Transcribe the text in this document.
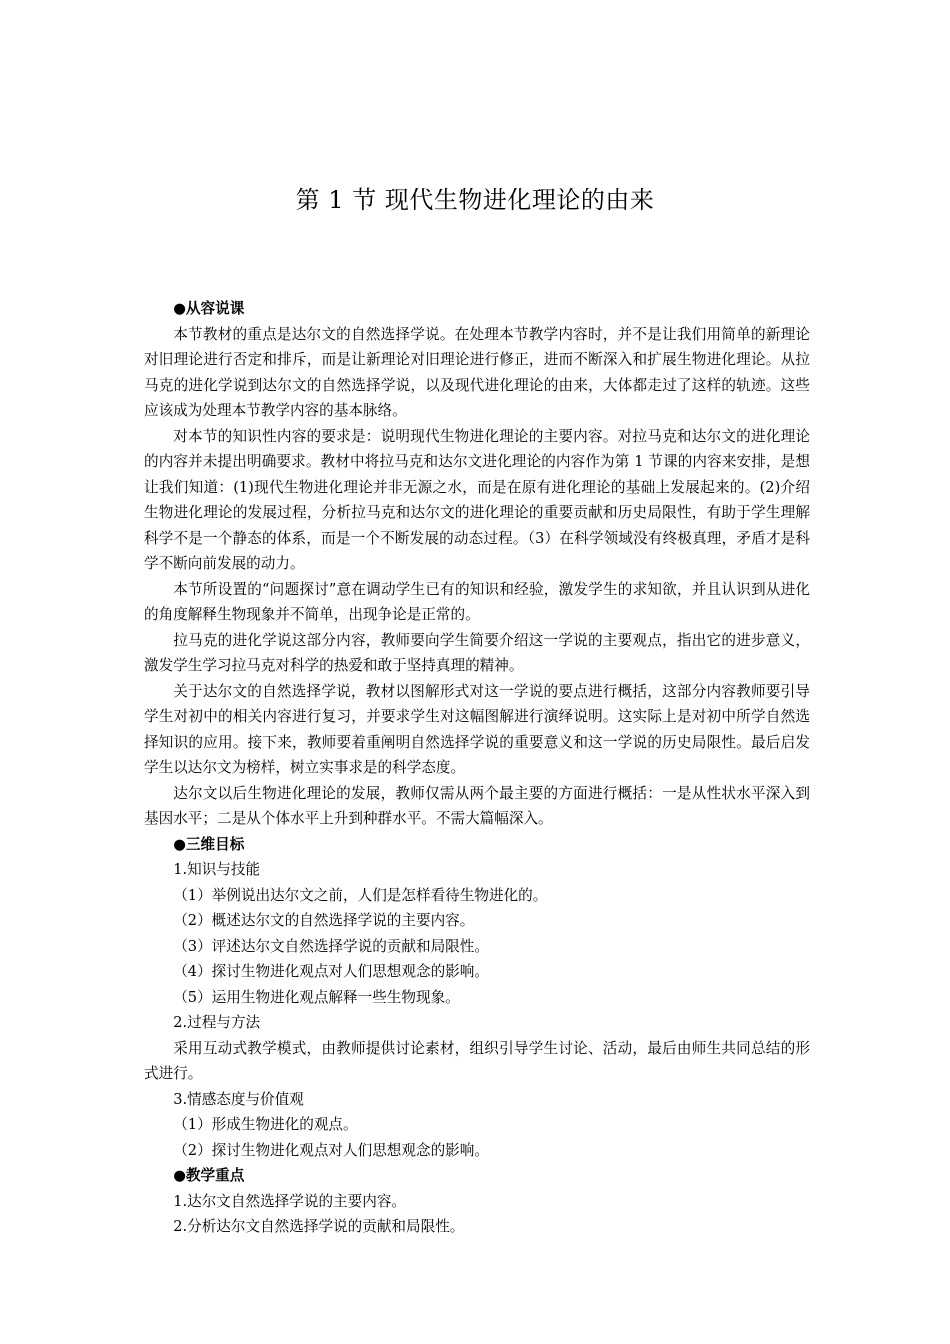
第 1 节 现代生物进化理论的由来

●从容说课

本节教材的重点是达尔文的自然选择学说。在处理本节教学内容时，并不是让我们用简单的新理论对旧理论进行否定和排斥，而是让新理论对旧理论进行修正，进而不断深入和扩展生物进化理论。从拉马克的进化学说到达尔文的自然选择学说，以及现代进化理论的由来，大体都走过了这样的轨迹。这些应该成为处理本节教学内容的基本脉络。

对本节的知识性内容的要求是：说明现代生物进化理论的主要内容。对拉马克和达尔文的进化理论的内容并未提出明确要求。教材中将拉马克和达尔文进化理论的内容作为第 1 节课的内容来安排，是想让我们知道：(1)现代生物进化理论并非无源之水，而是在原有进化理论的基础上发展起来的。(2)介绍生物进化理论的发展过程，分析拉马克和达尔文的进化理论的重要贡献和历史局限性，有助于学生理解科学不是一个静态的体系，而是一个不断发展的动态过程。（3）在科学领域没有终极真理，矛盾才是科学不断向前发展的动力。

本节所设置的“问题探讨”意在调动学生已有的知识和经验，激发学生的求知欲，并且认识到从进化的角度解释生物现象并不简单，出现争论是正常的。

拉马克的进化学说这部分内容，教师要向学生简要介绍这一学说的主要观点，指出它的进步意义，激发学生学习拉马克对科学的热爱和敢于坚持真理的精神。

关于达尔文的自然选择学说，教材以图解形式对这一学说的要点进行概括，这部分内容教师要引导学生对初中的相关内容进行复习，并要求学生对这幅图解进行演绎说明。这实际上是对初中所学自然选择知识的应用。接下来，教师要着重阐明自然选择学说的重要意义和这一学说的历史局限性。最后启发学生以达尔文为榜样，树立实事求是的科学态度。

达尔文以后生物进化理论的发展，教师仅需从两个最主要的方面进行概括：一是从性状水平深入到基因水平；二是从个体水平上升到种群水平。不需大篇幅深入。

●三维目标

1.知识与技能

（1）举例说出达尔文之前，人们是怎样看待生物进化的。

（2）概述达尔文的自然选择学说的主要内容。

（3）评述达尔文自然选择学说的贡献和局限性。

（4）探讨生物进化观点对人们思想观念的影响。

（5）运用生物进化观点解释一些生物现象。

2.过程与方法

采用互动式教学模式，由教师提供讨论素材，组织引导学生讨论、活动，最后由师生共同总结的形式进行。

3.情感态度与价值观

（1）形成生物进化的观点。

（2）探讨生物进化观点对人们思想观念的影响。

●教学重点

1.达尔文自然选择学说的主要内容。

2.分析达尔文自然选择学说的贡献和局限性。
